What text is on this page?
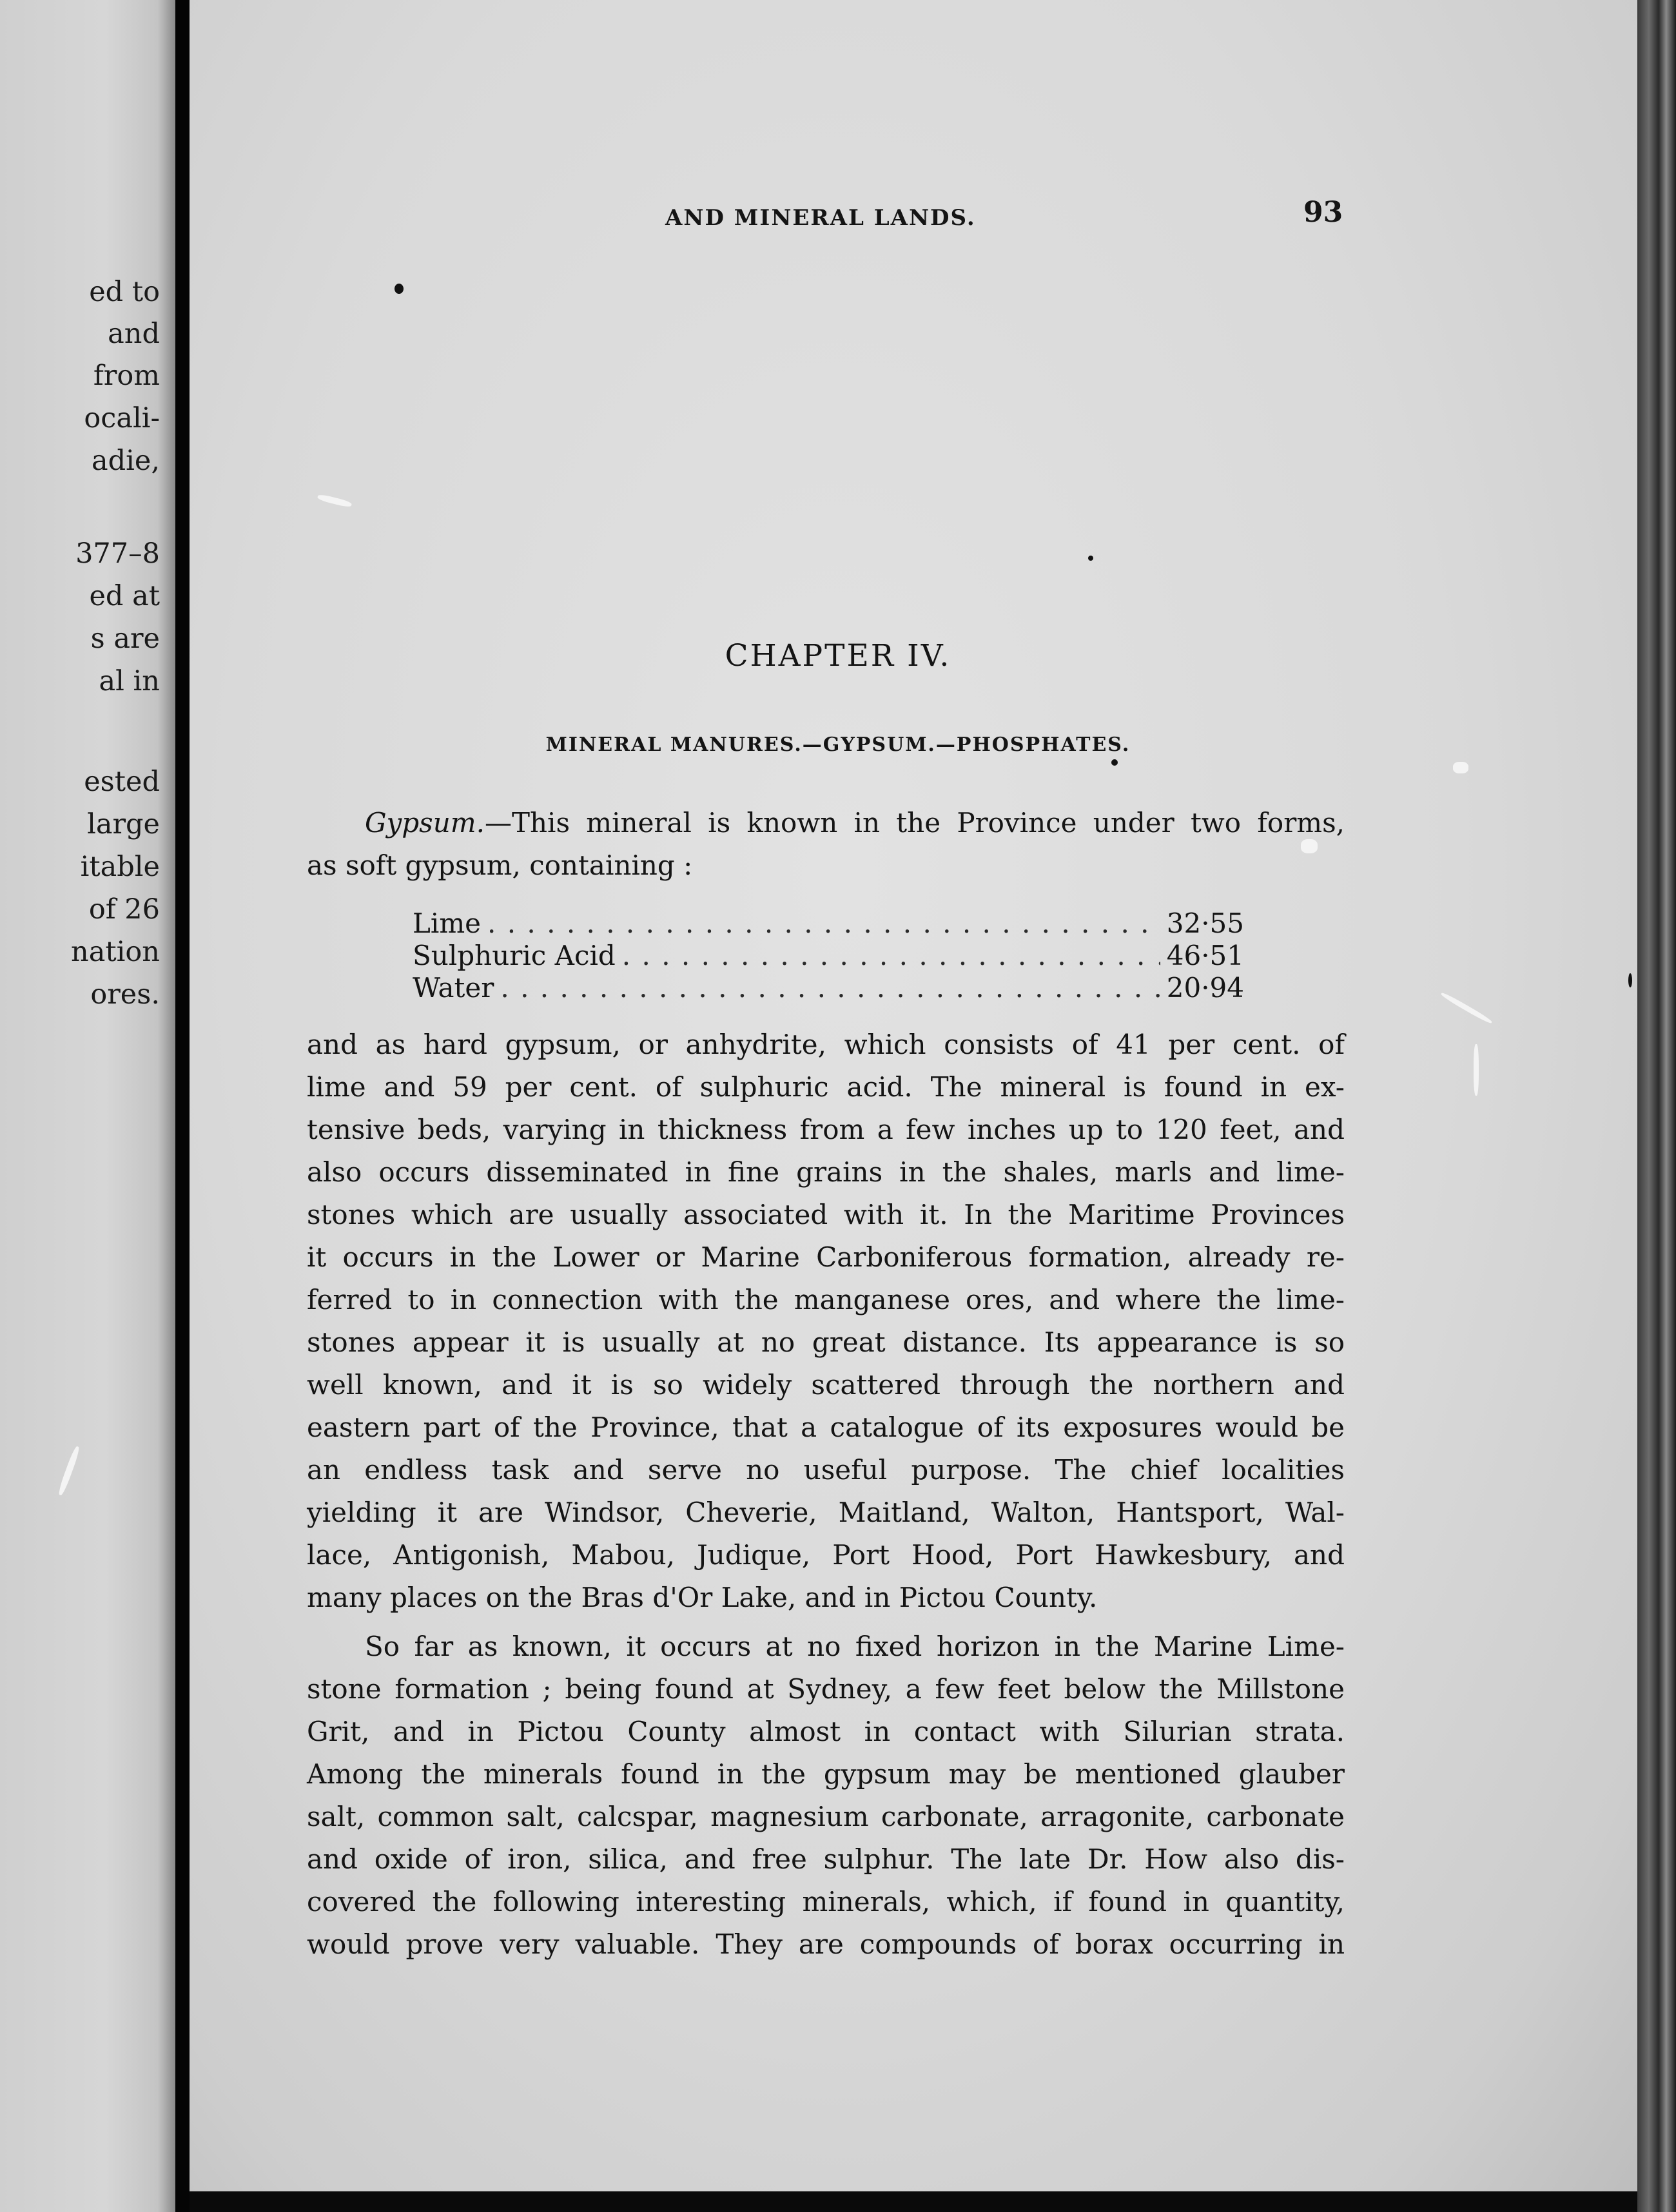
ed to
and
from
ocali-
adie,
377–8
ed at
s are
al in
ested
large
itable
of 26
nation
ores.
AND MINERAL LANDS.	93
CHAPTER IV.
MINERAL MANURES.—GYPSUM.—PHOSPHATES.
Gypsum.—This mineral is known in the Province under two forms,
as soft gypsum, containing :
Lime . . .	32·55
Sulphuric Acid . . .	46·51
Water . . .	20·94
and as hard gypsum, or anhydrite, which consists of 41 per cent. of
lime and 59 per cent. of sulphuric acid. The mineral is found in ex-
tensive beds, varying in thickness from a few inches up to 120 feet, and
also occurs disseminated in fine grains in the shales, marls and lime-
stones which are usually associated with it. In the Maritime Provinces
it occurs in the Lower or Marine Carboniferous formation, already re-
ferred to in connection with the manganese ores, and where the lime-
stones appear it is usually at no great distance. Its appearance is so
well known, and it is so widely scattered through the northern and
eastern part of the Province, that a catalogue of its exposures would be
an endless task and serve no useful purpose. The chief localities
yielding it are Windsor, Cheverie, Maitland, Walton, Hantsport, Wal-
lace, Antigonish, Mabou, Judique, Port Hood, Port Hawkesbury, and
many places on the Bras d'Or Lake, and in Pictou County.
So far as known, it occurs at no fixed horizon in the Marine Lime-
stone formation ; being found at Sydney, a few feet below the Millstone
Grit, and in Pictou County almost in contact with Silurian strata.
Among the minerals found in the gypsum may be mentioned glauber
salt, common salt, calcspar, magnesium carbonate, arragonite, carbonate
and oxide of iron, silica, and free sulphur. The late Dr. How also dis-
covered the following interesting minerals, which, if found in quantity,
would prove very valuable. They are compounds of borax occurring in
